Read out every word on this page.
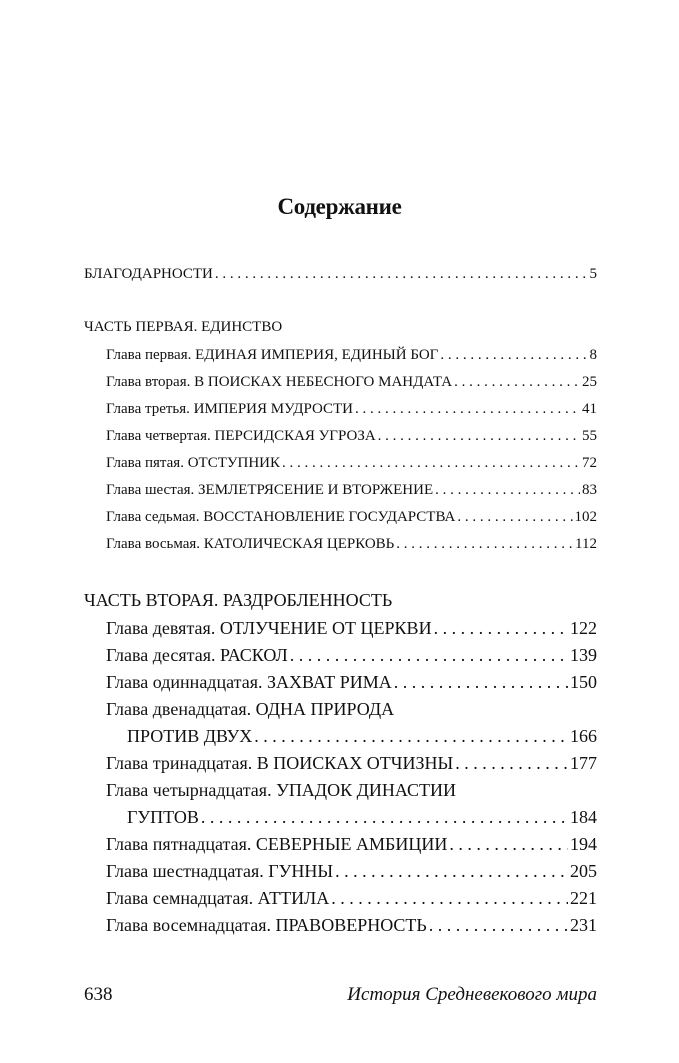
Содержание
БЛАГОДАРНОСТИ . . .	5
ЧАСТЬ ПЕРВАЯ. ЕДИНСТВО
Глава первая. ЕДИНАЯ ИМПЕРИЯ, ЕДИНЫЙ БОГ . . .	8
Глава вторая. В ПОИСКАХ НЕБЕСНОГО МАНДАТА . . .	25
Глава третья. ИМПЕРИЯ МУДРОСТИ . . .	41
Глава четвертая. ПЕРСИДСКАЯ УГРОЗА . . .	55
Глава пятая. ОТСТУПНИК . . .	72
Глава шестая. ЗЕМЛЕТРЯСЕНИЕ И ВТОРЖЕНИЕ . . .	83
Глава седьмая. ВОССТАНОВЛЕНИЕ ГОСУДАРСТВА . . .	102
Глава восьмая. КАТОЛИЧЕСКАЯ ЦЕРКОВЬ . . .	112
ЧАСТЬ ВТОРАЯ. РАЗДРОБЛЕННОСТЬ
Глава девятая. ОТЛУЧЕНИЕ ОТ ЦЕРКВИ . . .	122
Глава десятая. РАСКОЛ . . .	139
Глава одиннадцатая. ЗАХВАТ РИМА . . .	150
Глава двенадцатая. ОДНА ПРИРОДА
ПРОТИВ ДВУХ . . .	166
Глава тринадцатая. В ПОИСКАХ ОТЧИЗНЫ . . .	177
Глава четырнадцатая. УПАДОК ДИНАСТИИ
ГУПТОВ . . .	184
Глава пятнадцатая. СЕВЕРНЫЕ АМБИЦИИ . . .	194
Глава шестнадцатая. ГУННЫ . . .	205
Глава семнадцатая. АТТИЛА . . .	221
Глава восемнадцатая. ПРАВОВЕРНОСТЬ . . .	231
638	История Средневекового мира
